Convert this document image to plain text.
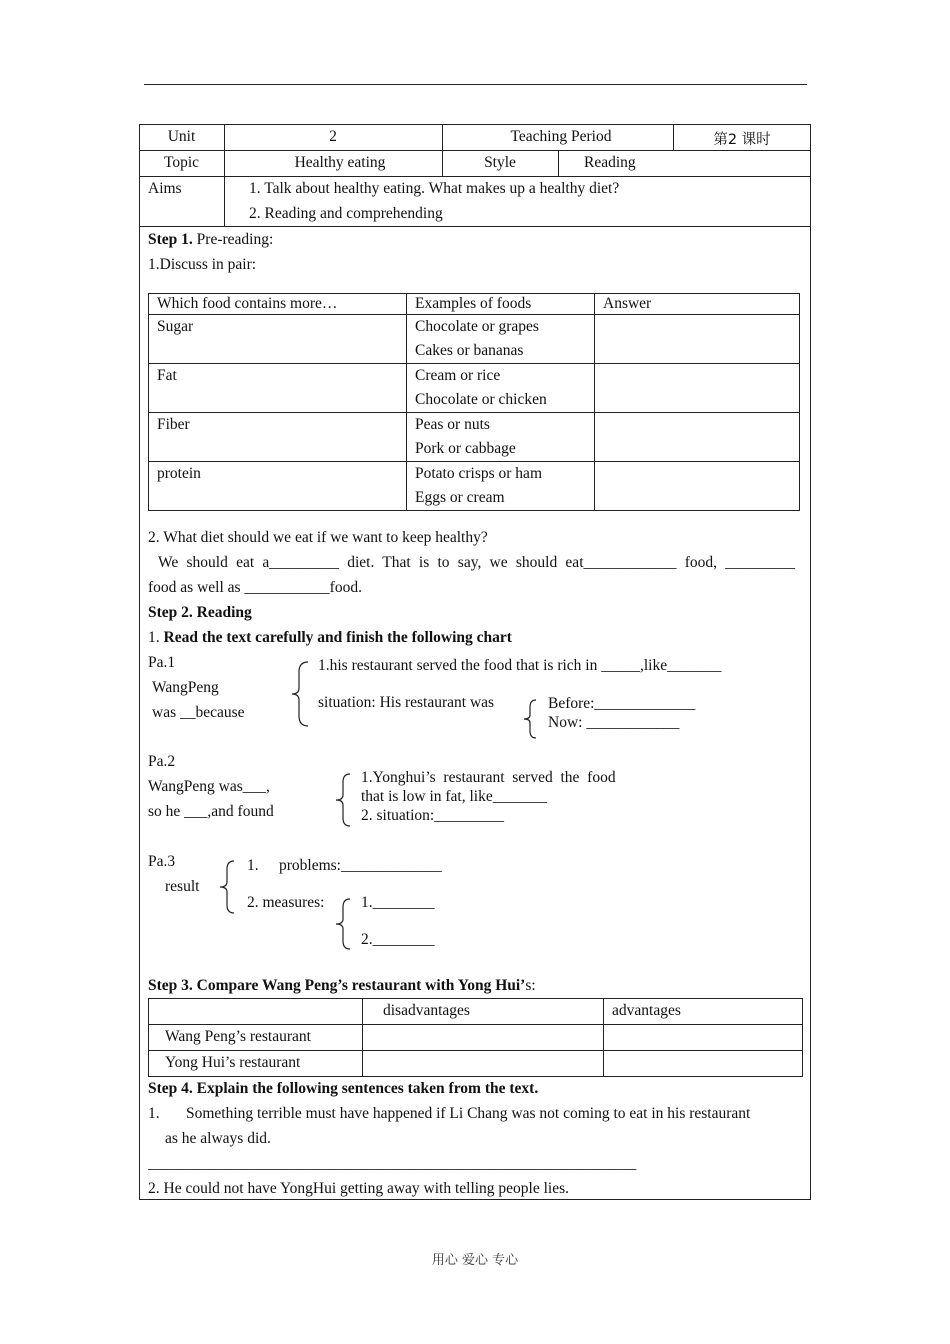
Unit	2	Teaching Period	第2 课时
Topic	Healthy eating	Style	Reading
Aims	1. Talk about healthy eating. What makes up a healthy diet?
2. Reading and comprehending
Step 1. Pre-reading:
1.Discuss in pair:
Which food contains more…	Examples of foods	Answer
Sugar	Chocolate or grapes
Cakes or bananas	

Fat	Cream or rice
Chocolate or chicken	

Fiber	Peas or nuts
Pork or cabbage	

protein	Potato crisps or ham
Eggs or cream	

2. What diet should we eat if we want to keep healthy?
We should eat a_________ diet. That is to say, we should eat____________ food, _________
food as well as ___________food.
Step 2. Reading
1. Read the text carefully and finish the following chart
Pa.1
WangPeng
was __because
1.his restaurant served the food that is rich in _____,like_______
situation: His restaurant was	Before:_____________
Now: ____________
Pa.2
WangPeng was___,
so he ___,and found
1.Yonghui’s  restaurant  served  the  food
that is low in fat, like_______
2. situation:_________
Pa.3
result
1. problems:_____________
2. measures: 1.________
2.________
Step 3. Compare Wang Peng’s restaurant with Yong Hui’s:
	disadvantages	advantages
Wang Peng’s restaurant		
Yong Hui’s restaurant		
Step 4. Explain the following sentences taken from the text.
1. Something terrible must have happened if Li Chang was not coming to eat in his restaurant
as he always did.
_______________________________________________________________
2. He could not have YongHui getting away with telling people lies.
用心 爱心 专心
